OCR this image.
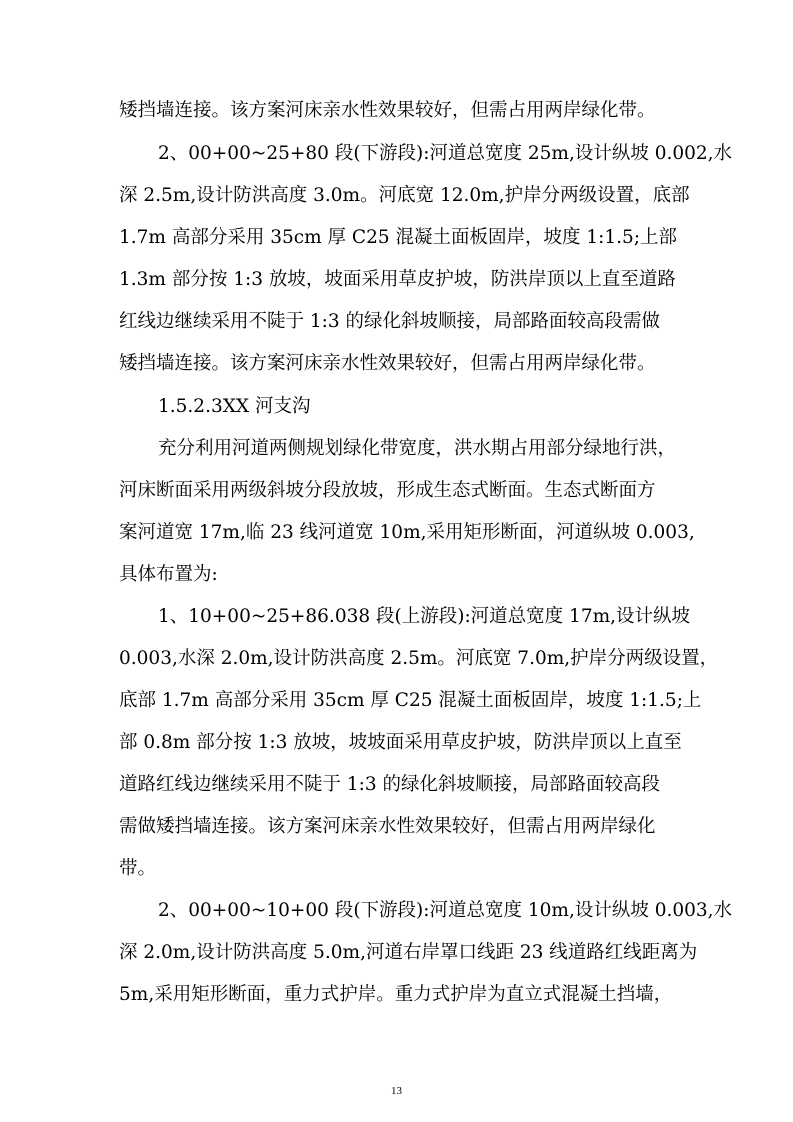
矮挡墙连接。该方案河床亲水性效果较好，但需占用两岸绿化带。
2、00+00~25+80 段(下游段):河道总宽度 25m,设计纵坡 0.002,水
深 2.5m,设计防洪高度 3.0m。河底宽 12.0m,护岸分两级设置，底部
1.7m 高部分采用 35cm 厚 C25 混凝土面板固岸，坡度 1:1.5;上部
1.3m 部分按 1:3 放坡，坡面采用草皮护坡，防洪岸顶以上直至道路
红线边继续采用不陡于 1:3 的绿化斜坡顺接，局部路面较高段需做
矮挡墙连接。该方案河床亲水性效果较好，但需占用两岸绿化带。
1.5.2.3XX 河支沟
充分利用河道两侧规划绿化带宽度，洪水期占用部分绿地行洪，
河床断面采用两级斜坡分段放坡，形成生态式断面。生态式断面方
案河道宽 17m,临 23 线河道宽 10m,采用矩形断面，河道纵坡 0.003,
具体布置为:
1、10+00~25+86.038 段(上游段):河道总宽度 17m,设计纵坡
0.003,水深 2.0m,设计防洪高度 2.5m。河底宽 7.0m,护岸分两级设置，
底部 1.7m 高部分采用 35cm 厚 C25 混凝土面板固岸，坡度 1:1.5;上
部 0.8m 部分按 1:3 放坡，坡坡面采用草皮护坡，防洪岸顶以上直至
道路红线边继续采用不陡于 1:3 的绿化斜坡顺接，局部路面较高段
需做矮挡墙连接。该方案河床亲水性效果较好，但需占用两岸绿化
带。
2、00+00~10+00 段(下游段):河道总宽度 10m,设计纵坡 0.003,水
深 2.0m,设计防洪高度 5.0m,河道右岸罩口线距 23 线道路红线距离为
5m,采用矩形断面，重力式护岸。重力式护岸为直立式混凝土挡墙，
13
